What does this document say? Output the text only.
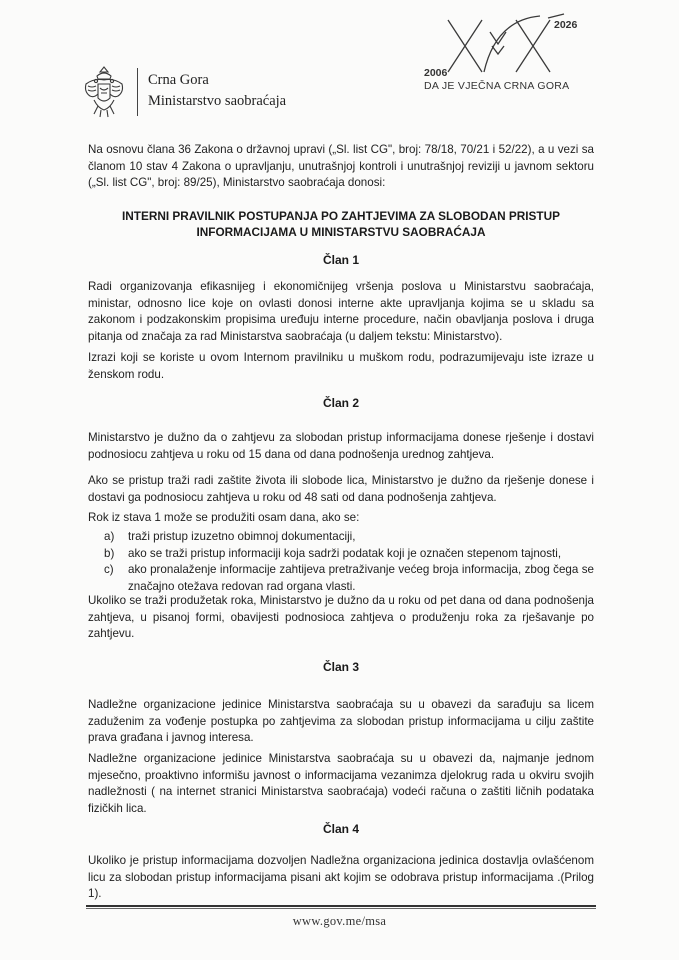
Crna Gora
Ministarstvo saobraćaja
2006
2026
DA JE VJEČNA CRNA GORA

Na osnovu člana 36 Zakona o državnoj upravi („Sl. list CG", broj: 78/18, 70/21 i 52/22), a u vezi sa članom 10 stav 4 Zakona o upravljanju, unutrašnjoj kontroli i unutrašnjoj reviziji u javnom sektoru („Sl. list CG", broj: 89/25), Ministarstvo saobraćaja donosi:

INTERNI PRAVILNIK POSTUPANJA PO ZAHTJEVIMA ZA SLOBODAN PRISTUP
INFORMACIJAMA U MINISTARSTVU SAOBRAĆAJA
Član 1

Radi organizovanja efikasnijeg i ekonomičnijeg vršenja poslova u Ministarstvu saobraćaja, ministar, odnosno lice koje on ovlasti donosi interne akte upravljanja kojima se u skladu sa zakonom i podzakonskim propisima uređuju interne procedure, način obavljanja poslova i druga pitanja od značaja za rad Ministarstva saobraćaja (u daljem tekstu: Ministarstvo).

Izrazi koji se koriste u ovom Internom pravilniku u muškom rodu, podrazumijevaju iste izraze u ženskom rodu.

Član 2

Ministarstvo je dužno da o zahtjevu za slobodan pristup informacijama donese rješenje i dostavi podnosiocu zahtjeva u roku od 15 dana od dana podnošenja urednog zahtjeva.

Ako se pristup traži radi zaštite života ili slobode lica, Ministarstvo je dužno da rješenje donese i dostavi ga podnosiocu zahtjeva u roku od 48 sati od dana podnošenja zahtjeva.

Rok iz stava 1 može se produžiti osam dana, ako se:

a) traži pristup izuzetno obimnoj dokumentaciji,
b) ako se traži pristup informaciji koja sadrži podatak koji je označen stepenom tajnosti,
c) ako pronalaženje informacije zahtijeva pretraživanje većeg broja informacija, zbog čega se značajno otežava redovan rad organa vlasti.

Ukoliko se traži produžetak roka, Ministarstvo je dužno da u roku od pet dana od dana podnošenja zahtjeva, u pisanoj formi, obavijesti podnosioca zahtjeva o produženju roka za rješavanje po zahtjevu.

Član 3

Nadležne organizacione jedinice Ministarstva saobraćaja su u obavezi da sarađuju sa licem zaduženim za vođenje postupka po zahtjevima za slobodan pristup informacijama u cilju zaštite prava građana i javnog interesa.

Nadležne organizacione jedinice Ministarstva saobraćaja su u obavezi da, najmanje jednom mjesečno, proaktivno informišu javnost o informacijama vezanimza djelokrug rada u okviru svojih nadležnosti ( na internet stranici Ministarstva saobraćaja) vodeći računa o zaštiti ličnih podataka fizičkih lica.

Član 4

Ukoliko je pristup informacijama dozvoljen Nadležna organizaciona jedinica dostavlja ovlašćenom licu za slobodan pristup informacijama pisani akt kojim se odobrava pristup informacijama .(Prilog 1).

www.gov.me/msa
